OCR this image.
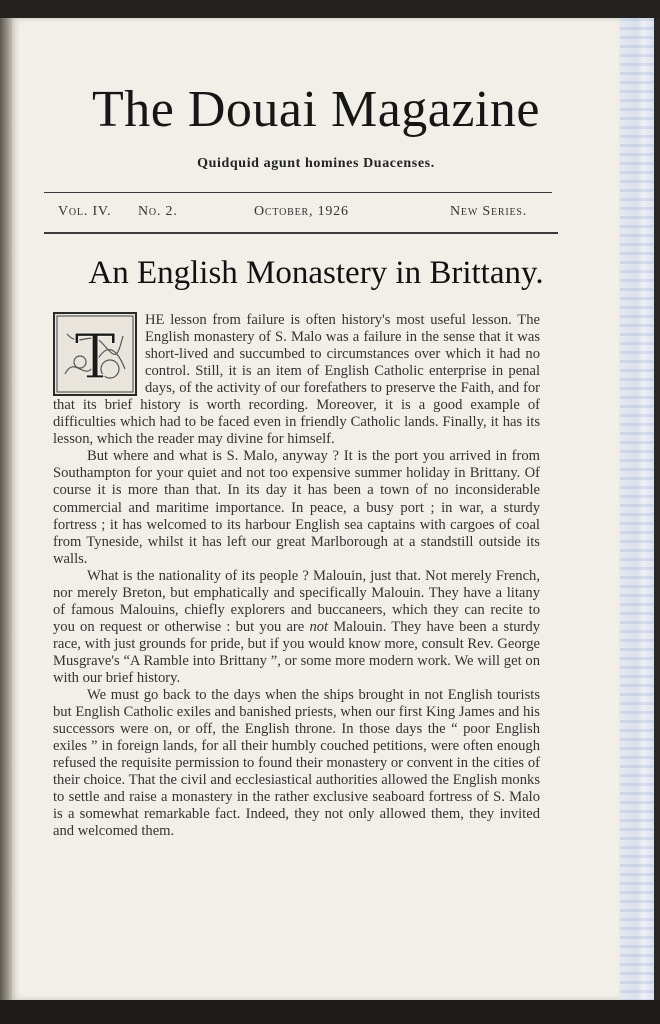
The Douai Magazine
Quidquid agunt homines Duacenses.
Vol. IV. No. 2.	October, 1926	New Series.
An English Monastery in Brittany.

T HE lesson from failure is often history's most useful lesson. The English monastery of S. Malo was a failure in the sense that it was short-lived and succumbed to circumstances over which it had no control. Still, it is an item of English Catholic enterprise in penal days, of the activity of our forefathers to preserve the Faith, and for that its brief history is worth recording. Moreover, it is a good example of difficulties which had to be faced even in friendly Catholic lands. Finally, it has its lesson, which the reader may divine for himself.

But where and what is S. Malo, anyway ? It is the port you arrived in from Southampton for your quiet and not too expensive summer holiday in Brittany. Of course it is more than that. In its day it has been a town of no inconsiderable commercial and maritime importance. In peace, a busy port ; in war, a sturdy fortress ; it has welcomed to its harbour English sea captains with cargoes of coal from Tyneside, whilst it has left our great Marlborough at a standstill outside its walls.

What is the nationality of its people ? Malouin, just that. Not merely French, nor merely Breton, but emphatically and specifically Malouin. They have a litany of famous Malouins, chiefly explorers and buccaneers, which they can recite to you on request or otherwise : but you are not Malouin. They have been a sturdy race, with just grounds for pride, but if you would know more, consult Rev. George Musgrave's “A Ramble into Brittany ”, or some more modern work. We will get on with our brief history.

We must go back to the days when the ships brought in not English tourists but English Catholic exiles and banished priests, when our first King James and his successors were on, or off, the English throne. In those days the “ poor English exiles ” in foreign lands, for all their humbly couched petitions, were often enough refused the requisite permission to found their monastery or convent in the cities of their choice. That the civil and ecclesiastical authorities allowed the English monks to settle and raise a monastery in the rather exclusive seaboard fortress of S. Malo is a somewhat remarkable fact. Indeed, they not only allowed them, they invited and welcomed them.
